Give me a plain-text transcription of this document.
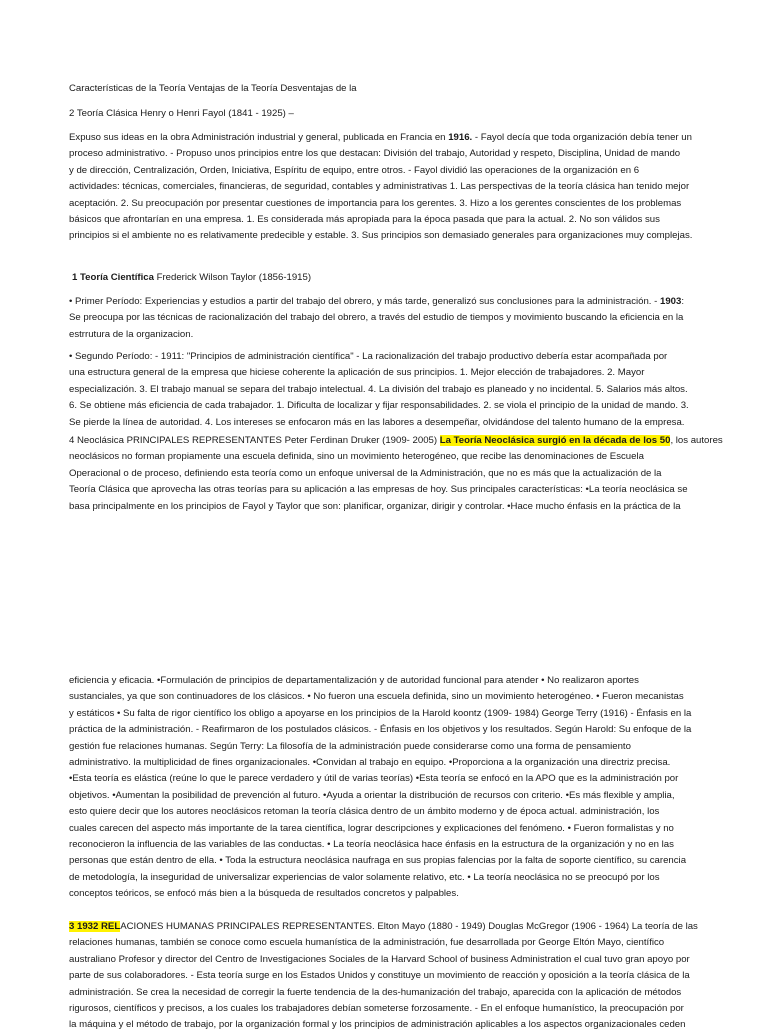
Características de la Teoría Ventajas de la Teoría Desventajas de la
2 Teoría Clásica Henry o Henri Fayol (1841 - 1925) –
Expuso sus ideas en la obra Administración industrial y general, publicada en Francia en 1916. - Fayol decía que toda organización debía tener un
proceso administrativo. - Propuso unos principios entre los que destacan: División del trabajo, Autoridad y respeto, Disciplina, Unidad de mando
y de dirección, Centralización, Orden, Iniciativa, Espíritu de equipo, entre otros. - Fayol dividió las operaciones de la organización en 6
actividades: técnicas, comerciales, financieras, de seguridad, contables y administrativas 1. Las perspectivas de la teoría clásica han tenido mejor
aceptación. 2. Su preocupación por presentar cuestiones de importancia para los gerentes. 3. Hizo a los gerentes conscientes de los problemas
básicos que afrontarían en una empresa. 1. Es considerada más apropiada para la época pasada que para la actual. 2. No son válidos sus
principios si el ambiente no es relativamente predecible y estable. 3. Sus principios son demasiado generales para organizaciones muy complejas.
1 Teoría Científica Frederick Wilson Taylor (1856-1915)
• Primer Período: Experiencias y estudios a partir del trabajo del obrero, y más tarde, generalizó sus conclusiones para la administración. - 1903:
Se preocupa por las técnicas de racionalización del trabajo del obrero, a través del estudio de tiempos y movimiento buscando la eficiencia en la
estrrutura de la organizacion.
• Segundo Período: - 1911: "Principios de administración científica" - La racionalización del trabajo productivo debería estar acompañada por
una estructura general de la empresa que hiciese coherente la aplicación de sus principios. 1. Mejor elección de trabajadores. 2. Mayor
especialización. 3. El trabajo manual se separa del trabajo intelectual. 4. La división del trabajo es planeado y no incidental. 5. Salarios más altos.
6. Se obtiene más eficiencia de cada trabajador. 1. Dificulta de localizar y fijar responsabilidades. 2. se viola el principio de la unidad de mando. 3.
Se pierde la línea de autoridad. 4. Los intereses se enfocaron más en las labores a desempeñar, olvidándose del talento humano de la empresa.
4 Neoclásica PRINCIPALES REPRESENTANTES Peter Ferdinan Druker (1909- 2005) La Teoría Neoclásica surgió en la década de los 50, los autores
neoclásicos no forman propiamente una escuela definida, sino un movimiento heterogéneo, que recibe las denominaciones de Escuela
Operacional o de proceso, definiendo esta teoría como un enfoque universal de la Administración, que no es más que la actualización de la
Teoría Clásica que aprovecha las otras teorías para su aplicación a las empresas de hoy. Sus principales características: •La teoría neoclásica se
basa principalmente en los principios de Fayol y Taylor que son: planificar, organizar, dirigir y controlar. •Hace mucho énfasis en la práctica de la
eficiencia y eficacia. •Formulación de principios de departamentalización y de autoridad funcional para atender • No realizaron aportes
sustanciales, ya que son continuadores de los clásicos. • No fueron una escuela definida, sino un movimiento heterogéneo. • Fueron mecanistas
y estáticos • Su falta de rigor científico los obligo a apoyarse en los principios de la Harold koontz (1909- 1984) George Terry (1916) - Énfasis en la
práctica de la administración. - Reafirmaron de los postulados clásicos. - Énfasis en los objetivos y los resultados. Según Harold: Su enfoque de la
gestión fue relaciones humanas. Según Terry: La filosofía de la administración puede considerarse como una forma de pensamiento
administrativo. la multiplicidad de fines organizacionales. •Convidan al trabajo en equipo. •Proporciona a la organización una directriz precisa.
•Esta teoría es elástica (reúne lo que le parece verdadero y útil de varias teorías) •Esta teoría se enfocó en la APO que es la administración por
objetivos. •Aumentan la posibilidad de prevención al futuro. •Ayuda a orientar la distribución de recursos con criterio. •Es más flexible y amplia,
esto quiere decir que los autores neoclásicos retoman la teoría clásica dentro de un ámbito moderno y de época actual. administración, los
cuales carecen del aspecto más importante de la tarea científica, lograr descripciones y explicaciones del fenómeno. • Fueron formalistas y no
reconocieron la influencia de las variables de las conductas. • La teoría neoclásica hace énfasis en la estructura de la organización y no en las
personas que están dentro de ella. • Toda la estructura neoclásica naufraga en sus propias falencias por la falta de soporte científico, su carencia
de metodología, la inseguridad de universalizar experiencias de valor solamente relativo, etc. • La teoría neoclásica no se preocupó por los
conceptos teóricos, se enfocó más bien a la búsqueda de resultados concretos y palpables.
3 1932 RELACIONES HUMANAS PRINCIPALES REPRESENTANTES. Elton Mayo (1880 - 1949) Douglas McGregor (1906 - 1964) La teoría de las
relaciones humanas, también se conoce como escuela humanística de la administración, fue desarrollada por George Eltón Mayo, científico
australiano Profesor y director del Centro de Investigaciones Sociales de la Harvard School of business Administration el cual tuvo gran apoyo por
parte de sus colaboradores. - Esta teoría surge en los Estados Unidos y constituye un movimiento de reacción y oposición a la teoría clásica de la
administración. Se crea la necesidad de corregir la fuerte tendencia de la des-humanización del trabajo, aparecida con la aplicación de métodos
rigurosos, científicos y precisos, a los cuales los trabajadores debían someterse forzosamente. - En el enfoque humanístico, la preocupación por
la máquina y el método de trabajo, por la organización formal y los principios de administración aplicables a los aspectos organizacionales ceden
